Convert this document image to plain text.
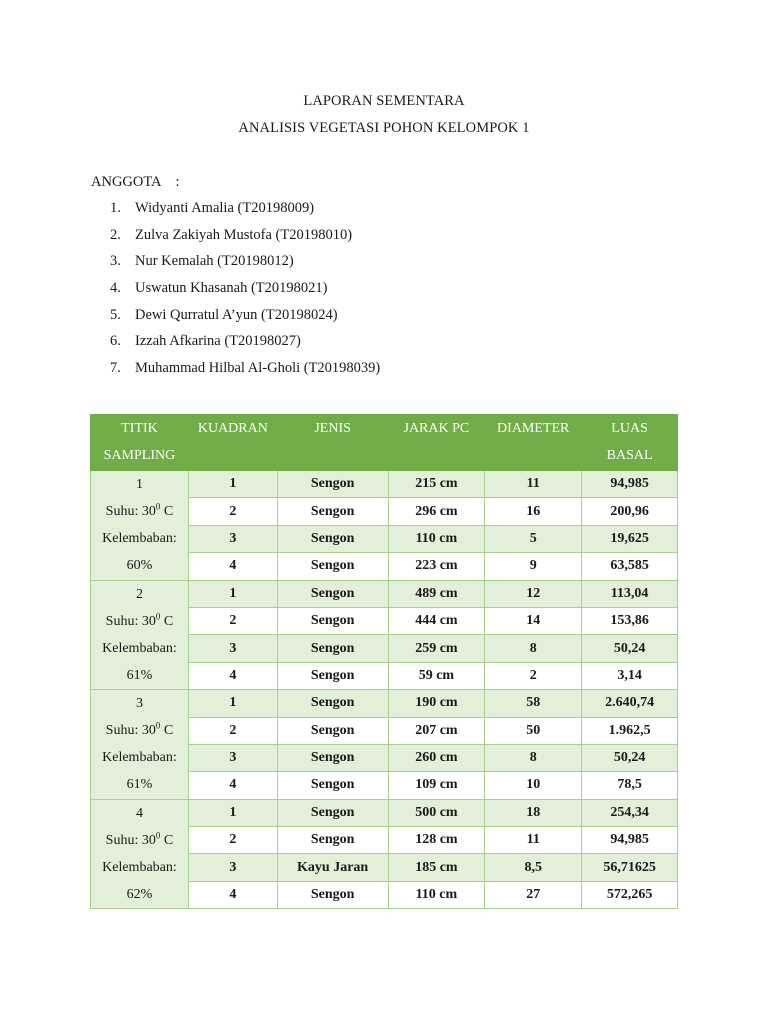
LAPORAN SEMENTARA
ANALISIS VEGETASI POHON KELOMPOK 1
ANGGOTA :
1. Widyanti Amalia (T20198009)
2. Zulva Zakiyah Mustofa (T20198010)
3. Nur Kemalah (T20198012)
4. Uswatun Khasanah (T20198021)
5. Dewi Qurratul A’yun (T20198024)
6. Izzah Afkarina (T20198027)
7. Muhammad Hilbal Al-Gholi (T20198039)
TITIK
SAMPLING	KUADRAN	JENIS	JARAK PC	DIAMETER	LUAS
BASAL

1
Suhu: $30^0$ C
Kelembaban:
60%	1	Sengon	215 cm	11	94,985
	2	Sengon	296 cm	16	200,96
	3	Sengon	110 cm	5	19,625
	4	Sengon	223 cm	9	63,585

2
Suhu: $30^0$ C
Kelembaban:
61%	1	Sengon	489 cm	12	113,04
	2	Sengon	444 cm	14	153,86
	3	Sengon	259 cm	8	50,24
	4	Sengon	59 cm	2	3,14

3
Suhu: $30^0$ C
Kelembaban:
61%	1	Sengon	190 cm	58	2.640,74
	2	Sengon	207 cm	50	1.962,5
	3	Sengon	260 cm	8	50,24
	4	Sengon	109 cm	10	78,5

4
Suhu: $30^0$ C
Kelembaban:
62%	1	Sengon	500 cm	18	254,34
	2	Sengon	128 cm	11	94,985
	3	Kayu Jaran	185 cm	8,5	56,71625
	4	Sengon	110 cm	27	572,265
